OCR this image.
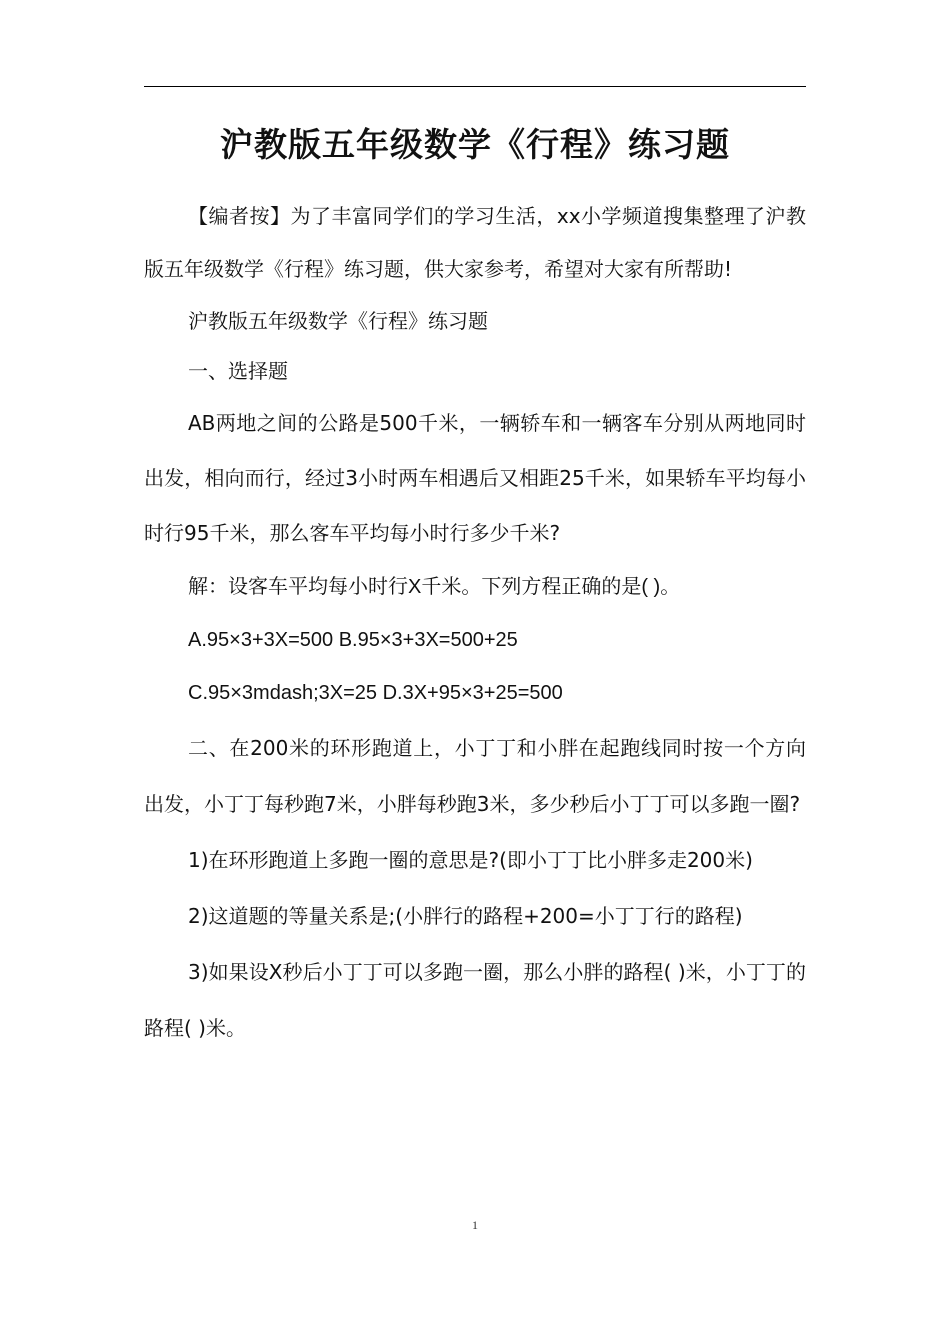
沪教版五年级数学《行程》练习题

【编者按】为了丰富同学们的学习生活，xx小学频道搜集整理了沪教版五年级数学《行程》练习题，供大家参考，希望对大家有所帮助!

沪教版五年级数学《行程》练习题

一、选择题

AB两地之间的公路是500千米，一辆轿车和一辆客车分别从两地同时出发，相向而行，经过3小时两车相遇后又相距25千米，如果轿车平均每小时行95千米，那么客车平均每小时行多少千米?

解：设客车平均每小时行X千米。下列方程正确的是( )。

A.95×3+3X=500 B.95×3+3X=500+25

C.95×3mdash;3X=25 D.3X+95×3+25=500

二、在200米的环形跑道上，小丁丁和小胖在起跑线同时按一个方向出发，小丁丁每秒跑7米，小胖每秒跑3米，多少秒后小丁丁可以多跑一圈?

1)在环形跑道上多跑一圈的意思是?(即小丁丁比小胖多走200米)

2)这道题的等量关系是;(小胖行的路程+200=小丁丁行的路程)

3)如果设X秒后小丁丁可以多跑一圈，那么小胖的路程( )米，小丁丁的路程( )米。

1
